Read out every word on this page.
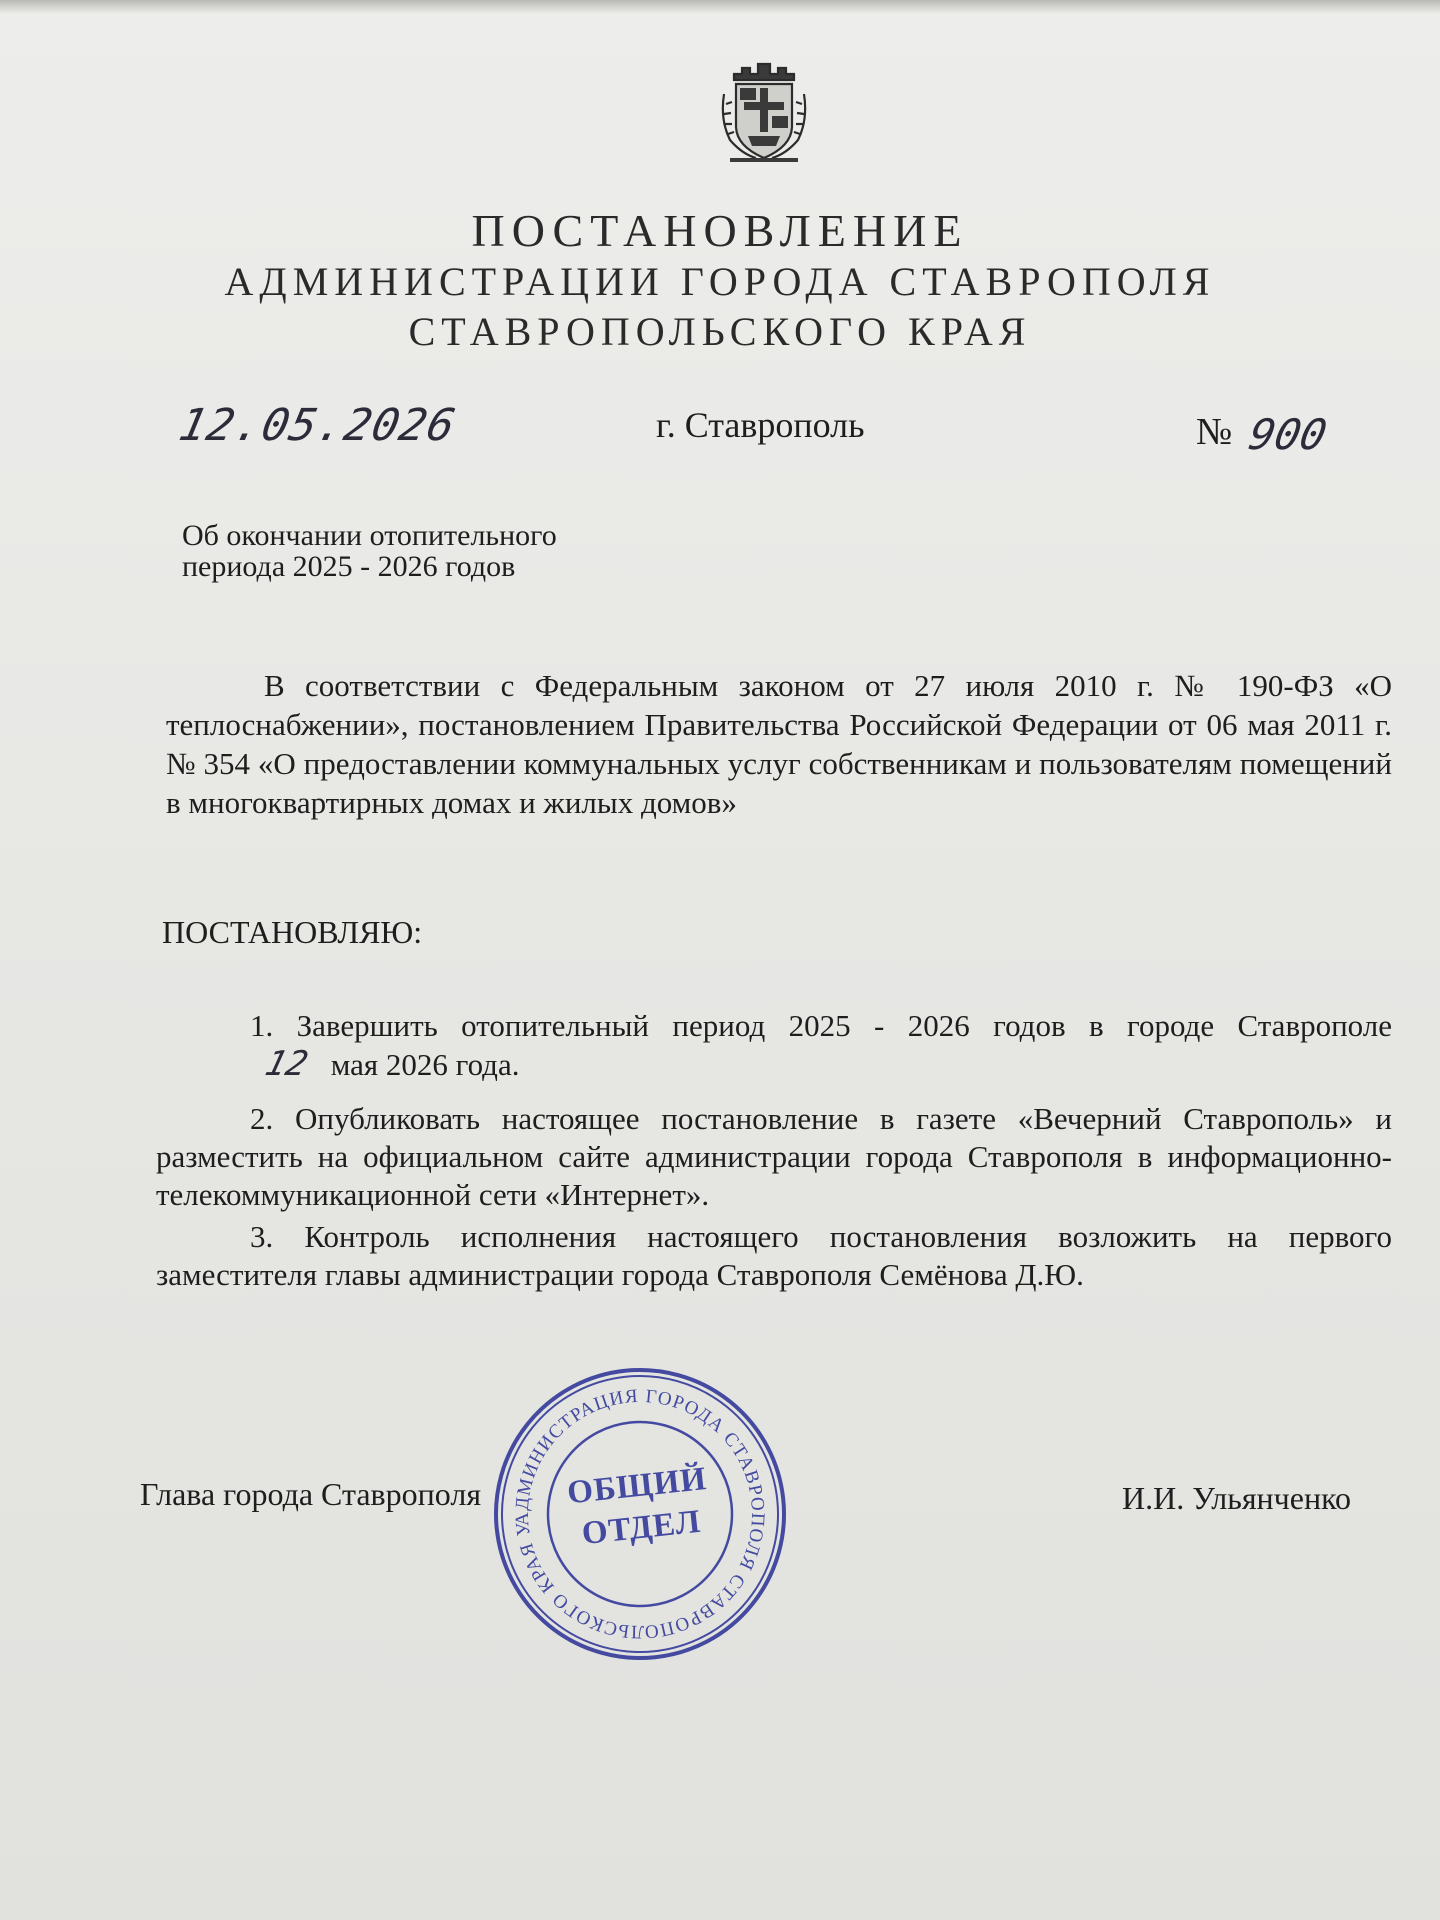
ПОСТАНОВЛЕНИЕ
АДМИНИСТРАЦИИ ГОРОДА СТАВРОПОЛЯ
СТАВРОПОЛЬСКОГО КРАЯ
12.05.2026	г. Ставрополь	№ 900
Об окончании отопительного
периода 2025 - 2026 годов
В соответствии с Федеральным законом от 27 июля 2010 г. № 190-ФЗ «О теплоснабжении», постановлением Правительства Российской Федерации от 06 мая 2011 г. № 354 «О предоставлении коммунальных услуг собственникам и пользователям помещений в многоквартирных домах и жилых домов»
ПОСТАНОВЛЯЮ:
1. Завершить отопительный период 2025 - 2026 годов в городе Ставрополе 12 мая 2026 года.
2. Опубликовать настоящее постановление в газете «Вечерний Ставрополь» и разместить на официальном сайте администрации города Ставрополя в информационно-телекоммуникационной сети «Интернет».
3. Контроль исполнения настоящего постановления возложить на первого заместителя главы администрации города Ставрополя Семёнова Д.Ю.
Глава города Ставрополя	И.И. Ульянченко
АДМИНИСТРАЦИЯ ГОРОДА СТАВРОПОЛЯ СТАВРОПОЛЬСКОГО КРАЯ УПРАВЛЕНИЕ ДЕЛОПРОИЗВОДСТВА И АРХИВА ✱
ОБЩИЙ
ОТДЕЛ
